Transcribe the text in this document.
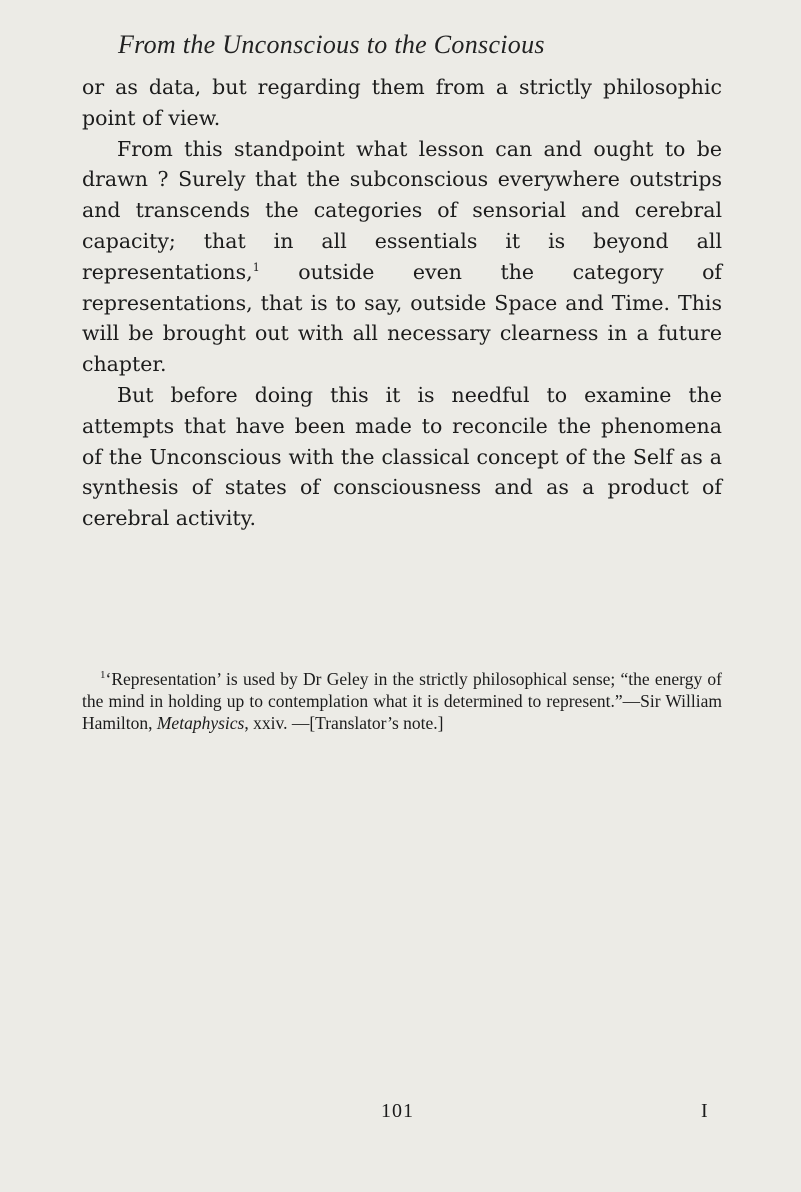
From the Unconscious to the Conscious

or as data, but regarding them from a strictly philosophic point of view.

From this standpoint what lesson can and ought to be drawn ? Surely that the subconscious everywhere outstrips and transcends the categories of sensorial and cerebral capacity; that in all essentials it is beyond all representations,$^1$ outside even the category of representations, that is to say, outside Space and Time. This will be brought out with all necessary clearness in a future chapter.

But before doing this it is needful to examine the attempts that have been made to reconcile the phenomena of the Unconscious with the classical concept of the Self as a synthesis of states of consciousness and as a product of cerebral activity.

$^1$‘Representation’ is used by Dr Geley in the strictly philosophical sense; “the energy of the mind in holding up to contemplation what it is determined to represent.”—Sir William Hamilton, Metaphysics, xxiv. —[Translator’s note.]

101	I
